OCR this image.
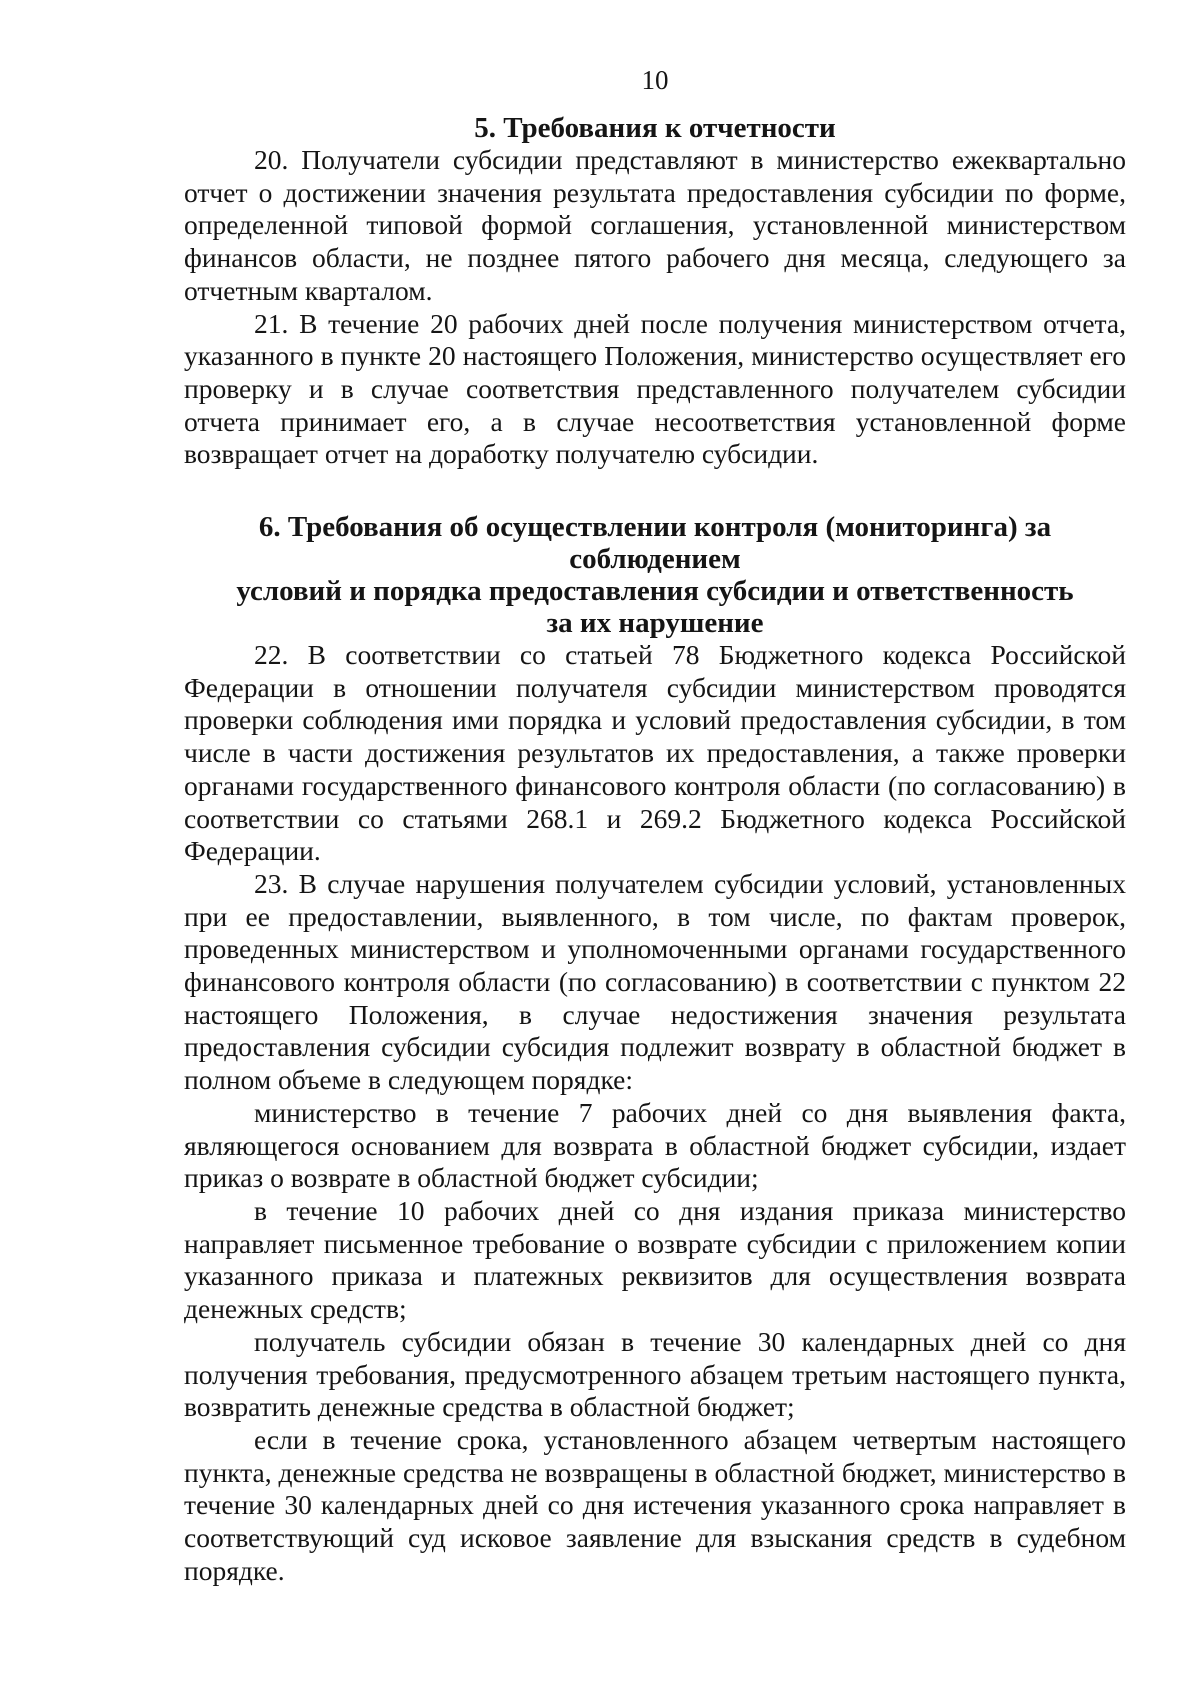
10
5. Требования к отчетности

20. Получатели субсидии представляют в министерство ежеквартально отчет о достижении значения результата предоставления субсидии по форме, определенной типовой формой соглашения, установленной министерством финансов области, не позднее пятого рабочего дня месяца, следующего за отчетным кварталом.

21. В течение 20 рабочих дней после получения министерством отчета, указанного в пункте 20 настоящего Положения, министерство осуществляет его проверку и в случае соответствия представленного получателем субсидии отчета принимает его, а в случае несоответствия установленной форме возвращает отчет на доработку получателю субсидии.

6. Требования об осуществлении контроля (мониторинга) за соблюдением
условий и порядка предоставления субсидии и ответственность
за их нарушение

22. В соответствии со статьей 78 Бюджетного кодекса Российской Федерации в отношении получателя субсидии министерством проводятся проверки соблюдения ими порядка и условий предоставления субсидии, в том числе в части достижения результатов их предоставления, а также проверки органами государственного финансового контроля области (по согласованию) в соответствии со статьями 268.1 и 269.2 Бюджетного кодекса Российской Федерации.

23. В случае нарушения получателем субсидии условий, установленных при ее предоставлении, выявленного, в том числе, по фактам проверок, проведенных министерством и уполномоченными органами государственного финансового контроля области (по согласованию) в соответствии с пунктом 22 настоящего Положения, в случае недостижения значения результата предоставления субсидии субсидия подлежит возврату в областной бюджет в полном объеме в следующем порядке:

министерство в течение 7 рабочих дней со дня выявления факта, являющегося основанием для возврата в областной бюджет субсидии, издает приказ о возврате в областной бюджет субсидии;

в течение 10 рабочих дней со дня издания приказа министерство направляет письменное требование о возврате субсидии с приложением копии указанного приказа и платежных реквизитов для осуществления возврата денежных средств;

получатель субсидии обязан в течение 30 календарных дней со дня получения требования, предусмотренного абзацем третьим настоящего пункта, возвратить денежные средства в областной бюджет;

если в течение срока, установленного абзацем четвертым настоящего пункта, денежные средства не возвращены в областной бюджет, министерство в течение 30 календарных дней со дня истечения указанного срока направляет в соответствующий суд исковое заявление для взыскания средств в судебном порядке.
